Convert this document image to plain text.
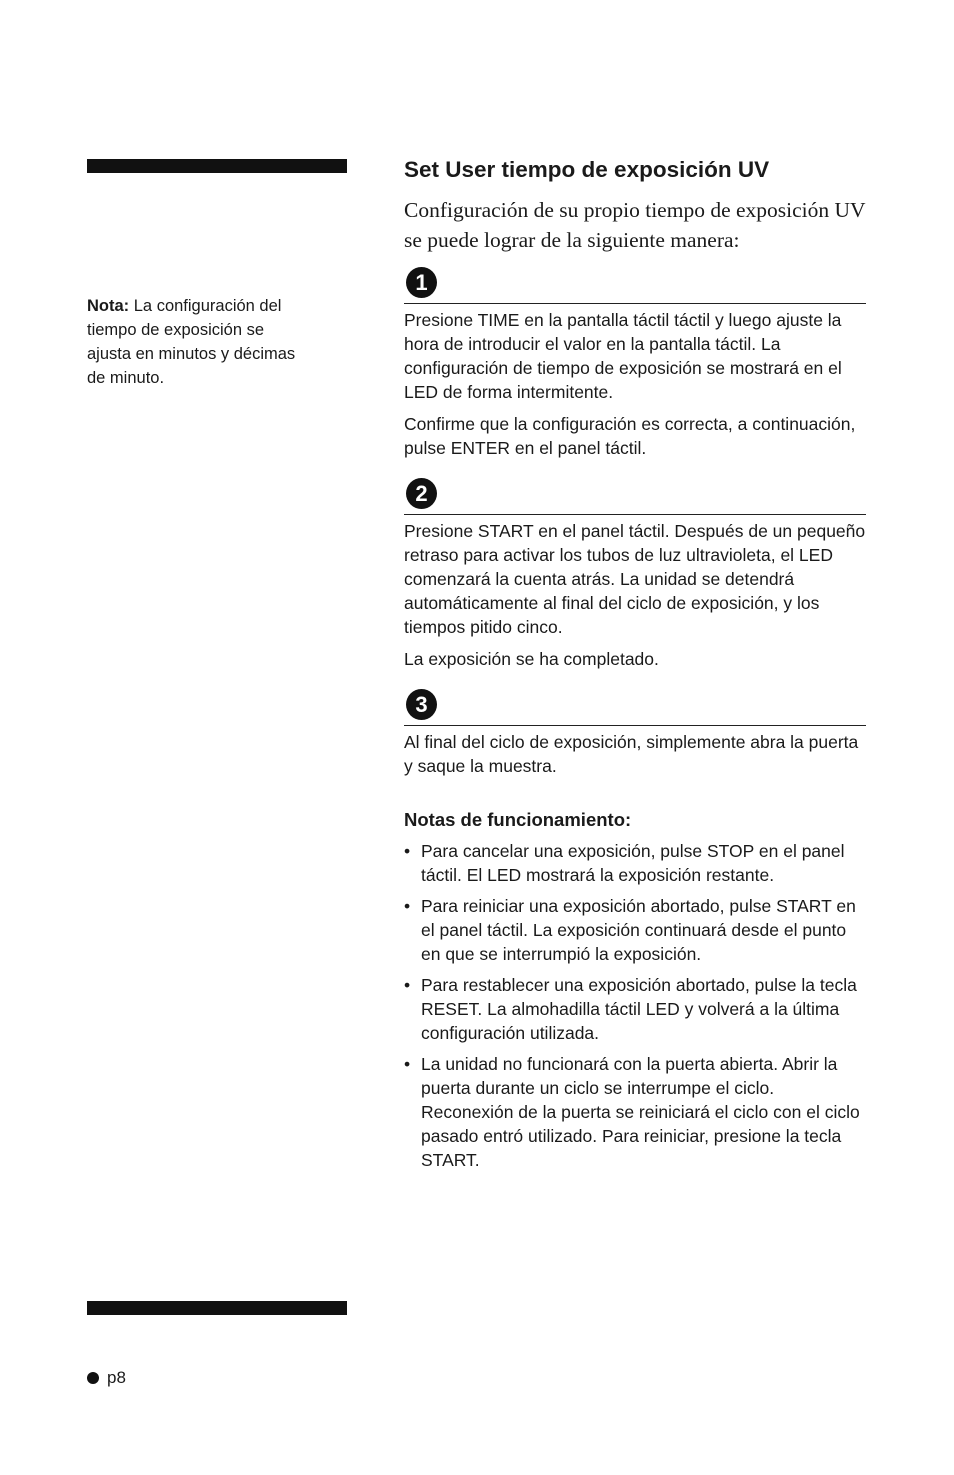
Nota: La configuración del tiempo de exposición se ajusta en minutos y décimas de minuto.
Set User tiempo de exposición UV

Configuración de su propio tiempo de exposición UV se puede lograr de la siguiente manera:

1

Presione TIME en la pantalla táctil táctil y luego ajuste la hora de introducir el valor en la pantalla táctil. La configuración de tiempo de exposición se mostrará en el LED de forma intermitente.

Confirme que la configuración es correcta, a continuación, pulse ENTER en el panel táctil.

2

Presione START en el panel táctil. Después de un pequeño retraso para activar los tubos de luz ultravioleta, el LED comenzará la cuenta atrás. La unidad se detendrá automáticamente al final del ciclo de exposición, y los tiempos pitido cinco.

La exposición se ha completado.

3

Al final del ciclo de exposición, simplemente abra la puerta y saque la muestra.

Notas de funcionamiento:
• Para cancelar una exposición, pulse STOP en el panel táctil. El LED mostrará la exposición restante.
• Para reiniciar una exposición abortado, pulse START en el panel táctil. La exposición continuará desde el punto en que se interrumpió la exposición.
• Para restablecer una exposición abortado, pulse la tecla RESET. La almohadilla táctil LED y volverá a la última configuración utilizada.
• La unidad no funcionará con la puerta abierta. Abrir la puerta durante un ciclo se interrumpe el ciclo. Reconexión de la puerta se reiniciará el ciclo con el ciclo pasado entró utilizado. Para reiniciar, presione la tecla START.
p8
